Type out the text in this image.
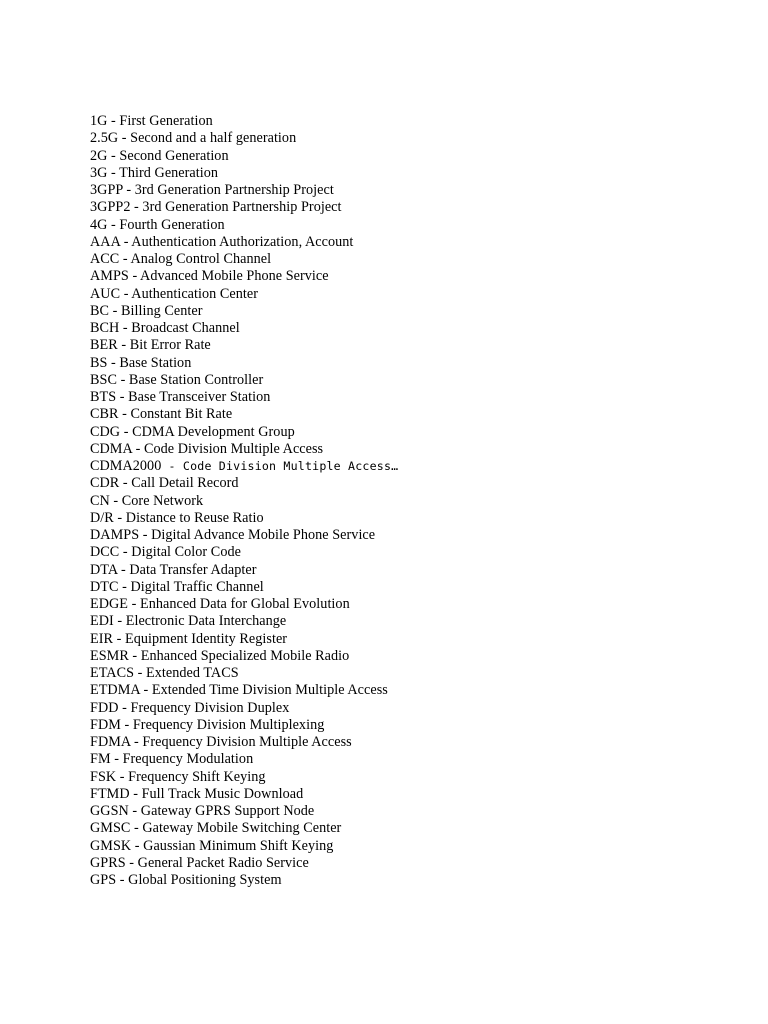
1G - First Generation
2.5G - Second and a half generation
2G - Second Generation
3G - Third Generation
3GPP - 3rd Generation Partnership Project
3GPP2 - 3rd Generation Partnership Project
4G - Fourth Generation
AAA - Authentication Authorization, Account
ACC - Analog Control Channel
AMPS - Advanced Mobile Phone Service
AUC - Authentication Center
BC - Billing Center
BCH - Broadcast Channel
BER - Bit Error Rate
BS - Base Station
BSC - Base Station Controller
BTS - Base Transceiver Station
CBR - Constant Bit Rate
CDG - CDMA Development Group
CDMA - Code Division Multiple Access
CDMA2000 - Code Division Multiple Access…
CDR - Call Detail Record
CN - Core Network
D/R - Distance to Reuse Ratio
DAMPS - Digital Advance Mobile Phone Service
DCC - Digital Color Code
DTA - Data Transfer Adapter
DTC - Digital Traffic Channel
EDGE - Enhanced Data for Global Evolution
EDI - Electronic Data Interchange
EIR - Equipment Identity Register
ESMR - Enhanced Specialized Mobile Radio
ETACS - Extended TACS
ETDMA - Extended Time Division Multiple Access
FDD - Frequency Division Duplex
FDM - Frequency Division Multiplexing
FDMA - Frequency Division Multiple Access
FM - Frequency Modulation
FSK - Frequency Shift Keying
FTMD - Full Track Music Download
GGSN - Gateway GPRS Support Node
GMSC - Gateway Mobile Switching Center
GMSK - Gaussian Minimum Shift Keying
GPRS - General Packet Radio Service
GPS - Global Positioning System
